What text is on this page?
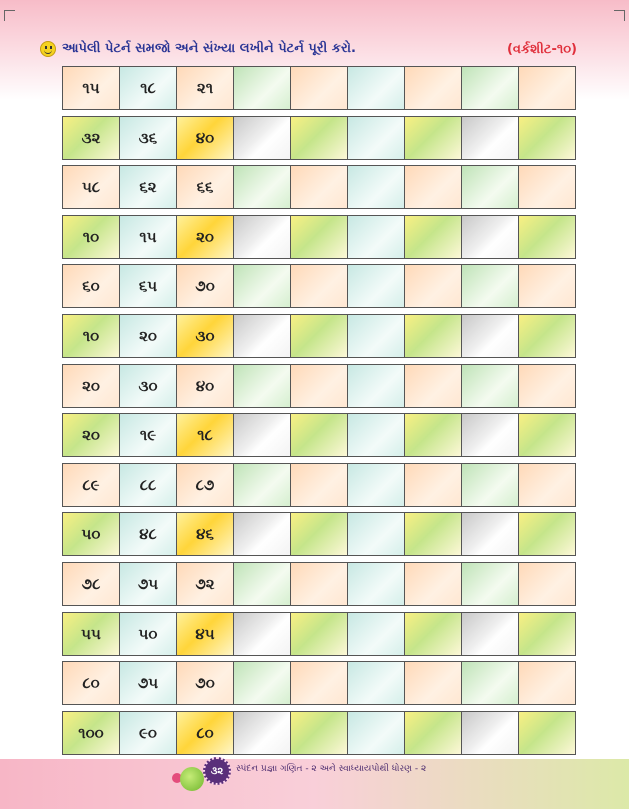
આપેલી પેટર્ન સમજો અને સંખ્યા લખીને પેટર્ન પૂરી કરો.	(વર્કશીટ-૧૦)
૧૫	૧૮	૨૧
૩૨	૩૬	૪૦
૫૮	૬૨	૬૬
૧૦	૧૫	૨૦
૬૦	૬૫	૭૦
૧૦	૨૦	૩૦
૨૦	૩૦	૪૦
૨૦	૧૯	૧૮
૮૯	૮૮	૮૭
૫૦	૪૮	૪૬
૭૮	૭૫	૭૨
૫૫	૫૦	૪૫
૮૦	૭૫	૭૦
૧૦૦	૯૦	૮૦
૩૨	સ્પંદન પ્રજ્ઞા ગણિત - ૨ અને સ્વાધ્યાયપોથી ધોરણ - ૨
